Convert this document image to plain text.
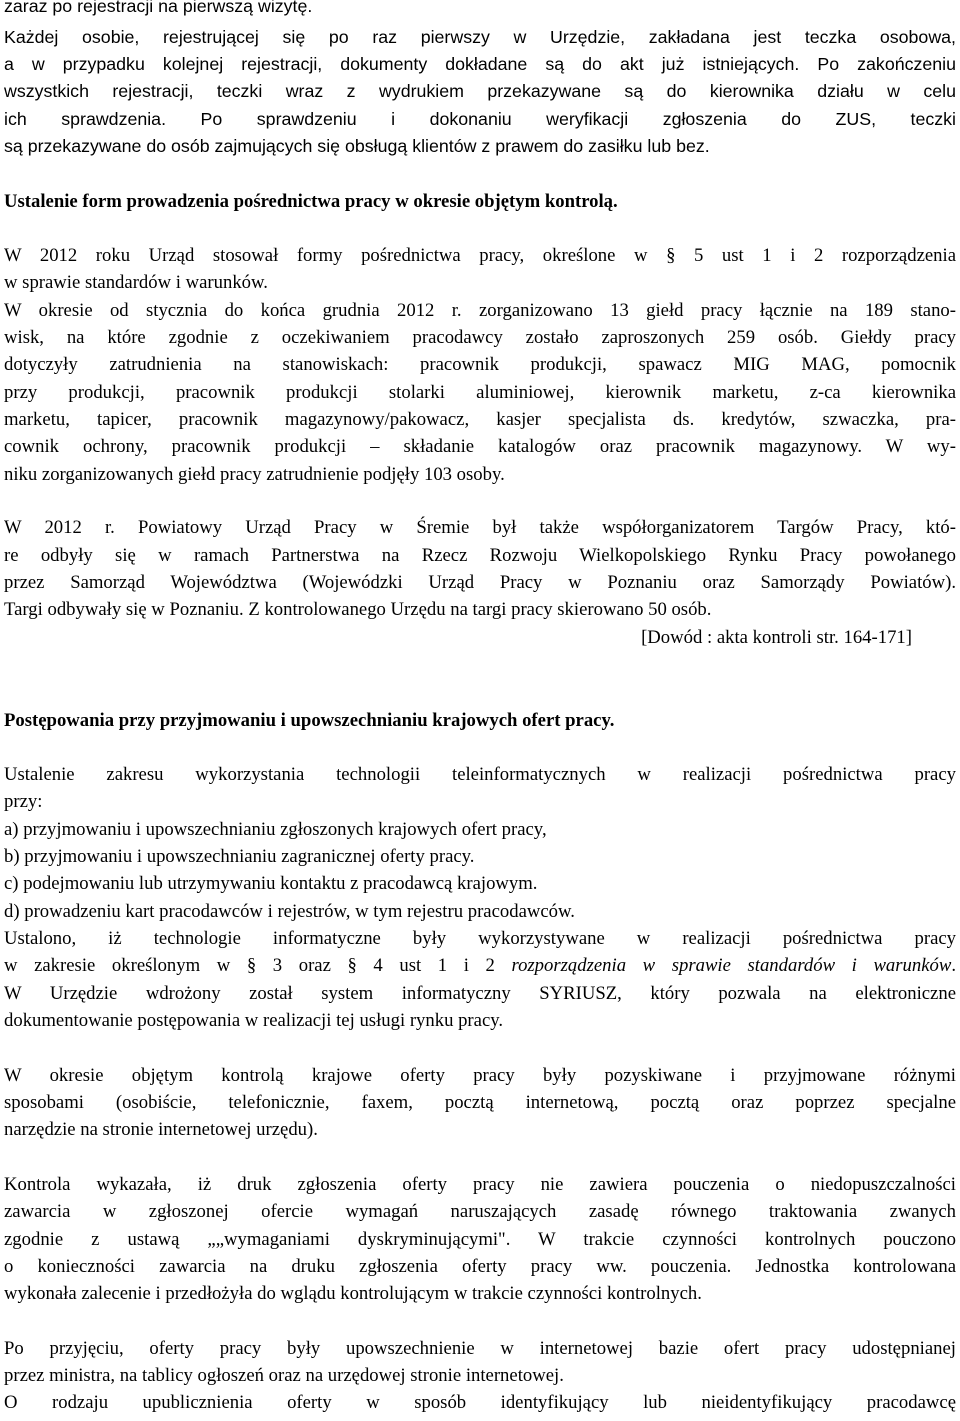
zaraz po rejestracji na pierwszą wizytę.

Każdej osobie, rejestrującej się po raz pierwszy w Urzędzie, zakładana jest teczka osobowa,

a w przypadku kolejnej rejestracji, dokumenty dokładane są do akt już istniejących. Po zakończeniu

wszystkich rejestracji, teczki wraz z wydrukiem przekazywane są do kierownika działu w celu

ich sprawdzenia. Po sprawdzeniu i dokonaniu weryfikacji zgłoszenia do ZUS, teczki

są przekazywane do osób zajmujących się obsługą klientów z prawem do zasiłku lub bez.

Ustalenie form prowadzenia pośrednictwa pracy w okresie objętym kontrolą.

W 2012 roku Urząd stosował formy pośrednictwa pracy, określone w § 5 ust 1 i 2 rozporządzenia

w sprawie standardów i warunków.

W okresie od stycznia do końca grudnia 2012 r. zorganizowano 13 giełd pracy łącznie na 189 stano-

wisk, na które zgodnie z oczekiwaniem pracodawcy zostało zaproszonych 259 osób. Giełdy pracy

dotyczyły zatrudnienia na stanowiskach: pracownik produkcji, spawacz MIG MAG, pomocnik

przy produkcji, pracownik produkcji stolarki aluminiowej, kierownik marketu, z-ca kierownika

marketu, tapicer, pracownik magazynowy/pakowacz, kasjer specjalista ds. kredytów, szwaczka, pra-

cownik ochrony, pracownik produkcji – składanie katalogów oraz pracownik magazynowy. W wy-

niku zorganizowanych giełd pracy zatrudnienie podjęły 103 osoby.

W 2012 r. Powiatowy Urząd Pracy w Śremie był także współorganizatorem Targów Pracy, któ-

re odbyły się w ramach Partnerstwa na Rzecz Rozwoju Wielkopolskiego Rynku Pracy powołanego

przez Samorząd Województwa (Wojewódzki Urząd Pracy w Poznaniu oraz Samorządy Powiatów).

Targi odbywały się w Poznaniu. Z kontrolowanego Urzędu na targi pracy skierowano 50 osób.

[Dowód : akta kontroli str. 164-171]

Postępowania przy przyjmowaniu i upowszechnianiu krajowych ofert pracy.

Ustalenie zakresu wykorzystania technologii teleinformatycznych w realizacji pośrednictwa pracy

przy:

a) przyjmowaniu i upowszechnianiu zgłoszonych krajowych ofert pracy,

b) przyjmowaniu i upowszechnianiu zagranicznej oferty pracy.

c) podejmowaniu lub utrzymywaniu kontaktu z pracodawcą krajowym.

d) prowadzeniu kart pracodawców i rejestrów, w tym rejestru pracodawców.

Ustalono, iż technologie informatyczne były wykorzystywane w realizacji pośrednictwa pracy

w zakresie określonym w § 3 oraz § 4 ust 1 i 2 rozporządzenia w sprawie standardów i warunków.

W Urzędzie wdrożony został system informatyczny SYRIUSZ, który pozwala na elektroniczne

dokumentowanie postępowania w realizacji tej usługi rynku pracy.

W okresie objętym kontrolą krajowe oferty pracy były pozyskiwane i przyjmowane różnymi

sposobami (osobiście, telefonicznie, faxem, pocztą internetową, pocztą oraz poprzez specjalne

narzędzie na stronie internetowej urzędu).

Kontrola wykazała, iż druk zgłoszenia oferty pracy nie zawiera pouczenia o niedopuszczalności

zawarcia w zgłoszonej ofercie wymagań naruszających zasadę równego traktowania zwanych

zgodnie z ustawą „„wymaganiami dyskryminującymi". W trakcie czynności kontrolnych pouczono

o konieczności zawarcia na druku zgłoszenia oferty pracy ww. pouczenia. Jednostka kontrolowana

wykonała zalecenie i przedłożyła do wglądu kontrolującym w trakcie czynności kontrolnych.

Po przyjęciu, oferty pracy były upowszechnienie w internetowej bazie ofert pracy udostępnianej

przez ministra, na tablicy ogłoszeń oraz na urzędowej stronie internetowej.

O rodzaju upublicznienia oferty w sposób identyfikujący lub nieidentyfikujący pracodawcę
